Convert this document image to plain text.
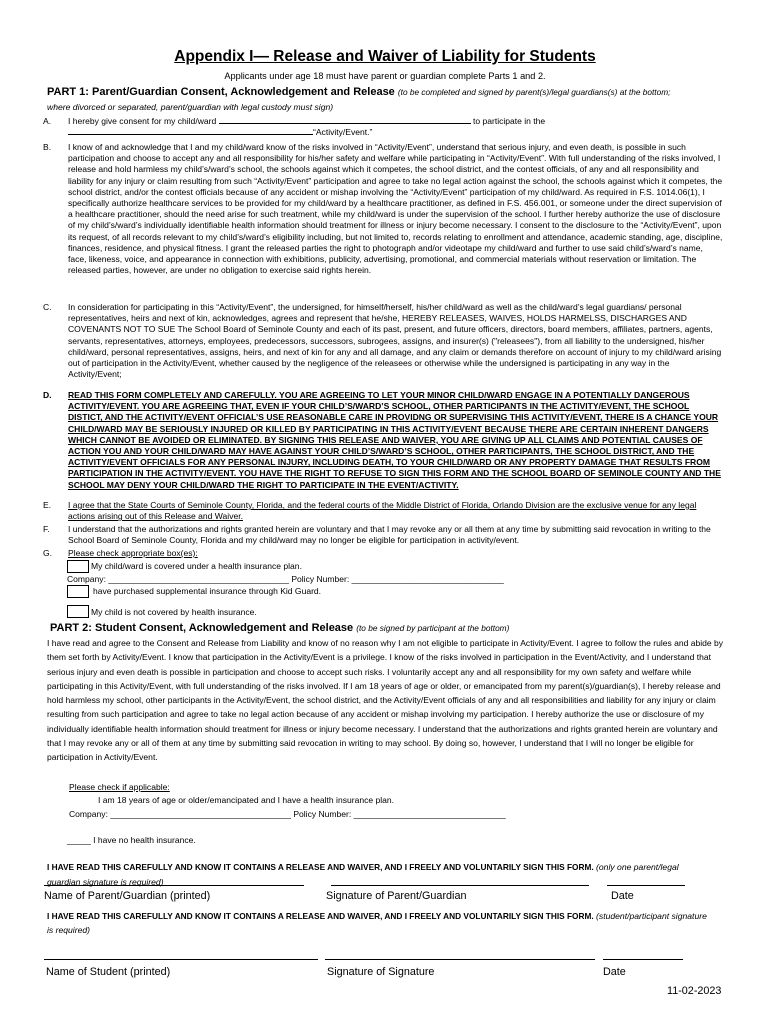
Appendix I— Release and Waiver of Liability for Students
Applicants under age 18 must have parent or guardian complete Parts 1 and 2.
PART 1: Parent/Guardian Consent, Acknowledgement and Release (to be completed and signed by parent(s)/legal guardians(s) at the bottom;
where divorced or separated, parent/guardian with legal custody must sign)
A. I hereby give consent for my child/ward	to participate in the
“Activity/Event.”
B. I know of and acknowledge that I and my child/ward know of the risks involved in “Activity/Event”, understand that serious injury, and even death, is possible in such participation and choose to accept any and all responsibility for his/her safety and welfare while participating in “Activity/Event”. With full understanding of the risks involved, I release and hold harmless my child’s/ward’s school, the schools against which it competes, the school district, and the contest officials, of any and all responsibility and liability for any injury or claim resulting from such “Activity/Event” participation and agree to take no legal action against the school, the schools against which it competes, the school district, and/or the contest officials because of any accident or mishap involving the “Activity/Event” participation of my child/ward. As required in F.S. 1014.06(1), I specifically authorize healthcare services to be provided for my child/ward by a healthcare practitioner, as defined in F.S. 456.001, or someone under the direct supervision of a healthcare practitioner, should the need arise for such treatment, while my child/ward is under the supervision of the school. I further hereby authorize the use of disclosure of my child’s/ward’s individually identifiable health information should treatment for illness or injury become necessary. I consent to the disclosure to the “Activity/Event”, upon its request, of all records relevant to my child’s/ward’s eligibility including, but not limited to, records relating to enrollment and attendance, academic standing, age, discipline, finances, residence, and physical fitness. I grant the released parties the right to photograph and/or videotape my child/ward and further to use said child’s/ward’s name, face, likeness, voice, and appearance in connection with exhibitions, publicity, advertising, promotional, and commercial materials without reservation or limitation. The released parties, however, are under no obligation to exercise said rights herein.
C. In consideration for participating in this “Activity/Event”, the undersigned, for himself/herself, his/her child/ward as well as the child/ward’s legal guardians/ personal representatives, heirs and next of kin, acknowledges, agrees and represent that he/she, HEREBY RELEASES, WAIVES, HOLDS HARMELSS, DISCHARGES AND COVENANTS NOT TO SUE The School Board of Seminole County and each of its past, present, and future officers, directors, board members, affiliates, partners, agents, servants, representatives, attorneys, employees, predecessors, successors, subrogees, assigns, and insurer(s) ("releasees"), from all liability to the undersigned, his/her child/ward, personal representatives, assigns, heirs, and next of kin for any and all damage, and any claim or demands therefore on account of injury to my child/ward arising out of participation in the Activity/Event, whether caused by the negligence of the releasees or otherwise while the undersigned is participating in any way in the Activity/Event;
D. READ THIS FORM COMPLETELY AND CAREFULLY. YOU ARE AGREEING TO LET YOUR MINOR CHILD/WARD ENGAGE IN A POTENTIALLY DANGEROUS ACTIVITY/EVENT. YOU ARE AGREEING THAT, EVEN IF YOUR CHILD’S/WARD’S SCHOOL, OTHER PARTICIPANTS IN THE ACTIVITY/EVENT, THE SCHOOL DISTICT, AND THE ACTIVITY/EVENT OFFICIAL’S USE REASONABLE CARE IN PROVIDNG OR SUPERVISING THIS ACTIVITY/EVENT, THERE IS A CHANCE YOUR CHILD/WARD MAY BE SERIOUSLY INJURED OR KILLED BY PARTICIPATING IN THIS ACTIVITY/EVENT BECAUSE THERE ARE CERTAIN INHERENT DANGERS WHICH CANNOT BE AVOIDED OR ELIMINATED. BY SIGNING THIS RELEASE AND WAIVER, YOU ARE GIVING UP ALL CLAIMS AND POTENTIAL CAUSES OF ACTION YOU AND YOUR CHILD/WARD MAY HAVE AGAINST YOUR CHILD’S/WARD’S SCHOOL, OTHER PARTICIPANTS, THE SCHOOL DISTRICT, AND THE ACTIVITY/EVENT OFFICIALS FOR ANY PERSONAL INJURY, INCLUDING DEATH, TO YOUR CHILD/WARD OR ANY PROPERTY DAMAGE THAT RESULTS FROM PARTICIPATION IN THE ACTIVITY/EVENT. YOU HAVE THE RIGHT TO REFUSE TO SIGN THIS FORM AND THE SCHOOL BOARD OF SEMINOLE COUNTY AND THE SCHOOL MAY DENY YOUR CHILD/WARD THE RIGHT TO PARTICIPATE IN THE EVENT/ACTIVITY.
E. I agree that the State Courts of Seminole County, Florida, and the federal courts of the Middle District of Florida, Orlando Division are the exclusive venue for any legal actions arising out of this Release and Waiver.
F. I understand that the authorizations and rights granted herein are voluntary and that I may revoke any or all them at any time by submitting said revocation in writing to the School Board of Seminole County, Florida and my child/ward may no longer be eligible for participation in activity/event.
G. Please check appropriate box(es):
My child/ward is covered under a health insurance plan.
Company: ______________________________________ Policy Number: ________________________________
have purchased supplemental insurance through Kid Guard.
My child is not covered by health insurance.
PART 2: Student Consent, Acknowledgement and Release (to be signed by participant at the bottom)
I have read and agree to the Consent and Release from Liability and know of no reason why I am not eligible to participate in Activity/Event. I agree to follow the rules and abide by them set forth by Activity/Event. I know that participation in the Activity/Event is a privilege. I know of the risks involved in participation in the Event/Activity, and I understand that serious injury and even death is possible in participation and choose to accept such risks. I voluntarily accept any and all responsibility for my own safety and welfare while participating in this Activity/Event, with full understanding of the risks involved. If I am 18 years of age or older, or emancipated from my parent(s)/guardian(s), I hereby release and hold harmless my school, other participants in the Activity/Event, the school district, and the Activity/Event officials of any and all responsibilities and liability for any injury or claim resulting from such participation and agree to take no legal action because of any accident or mishap involving my participation. I hereby authorize the use or disclosure of my individually identifiable health information should treatment for illness or injury become necessary. I understand that the authorizations and rights granted herein are voluntary and that I may revoke any or all of them at any time by submitting said revocation in writing to may school. By doing so, however, I understand that I will no longer be eligible for participation in Activity/Event.
Please check if applicable:
I am 18 years of age or older/emancipated and I have a health insurance plan.
Company: ______________________________________ Policy Number: ________________________________
_____ I have no health insurance.
I HAVE READ THIS CAREFULLY AND KNOW IT CONTAINS A RELEASE AND WAIVER, AND I FREELY AND VOLUNTARILY SIGN THIS FORM. (only one parent/legal
guardian signature is required)
Name of Parent/Guardian (printed)	Signature of Parent/Guardian	Date
I HAVE READ THIS CAREFULLY AND KNOW IT CONTAINS A RELEASE AND WAIVER, AND I FREELY AND VOLUNTARILY SIGN THIS FORM. (student/participant signature
is required)
Name of Student (printed)	Signature of Signature	Date
11-02-2023
